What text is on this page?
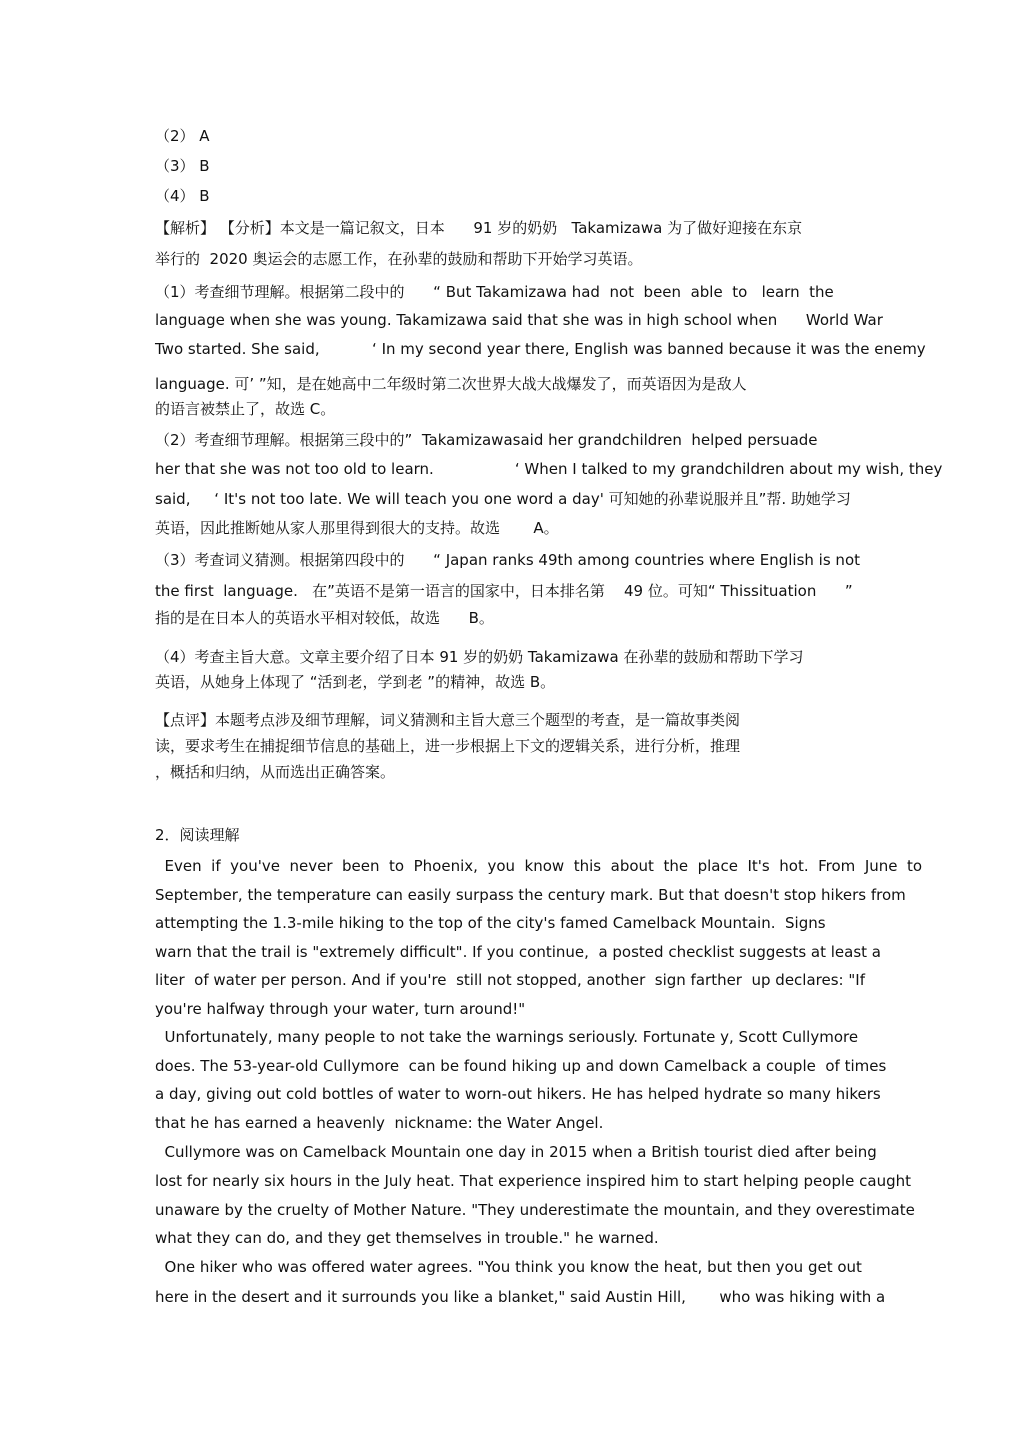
（2） A
（3） B
（4） B
【解析】 【分析】本文是一篇记叙文，日本      91 岁的奶奶   Takamizawa 为了做好迎接在东京
举行的  2020 奥运会的志愿工作，在孙辈的鼓励和帮助下开始学习英语。
（1）考查细节理解。根据第二段中的      “ But Takamizawa had  not  been  able  to   learn  the
language when she was young. Takamizawa said that she was in high school when      World War
Two started. She said,           ‘ In my second year there, English was banned because it was the enemy
language. 可’ ”知，是在她高中二年级时第二次世界大战大战爆发了，而英语因为是敌人
的语言被禁止了，故选 C。
（2）考查细节理解。根据第三段中的”  Takamizawasaid her grandchildren  helped persuade
her that she was not too old to learn.                 ‘ When I talked to my grandchildren about my wish, they
said,     ‘ It's not too late. We will teach you one word a day' 可知她的孙辈说服并且”帮. 助她学习
英语，因此推断她从家人那里得到很大的支持。故选       A。
（3）考查词义猜测。根据第四段中的      “ Japan ranks 49th among countries where English is not
the first  language.   在”英语不是第一语言的国家中，日本排名第    49 位。可知“ Thissituation      ”
指的是在日本人的英语水平相对较低，故选      B。
（4）考查主旨大意。文章主要介绍了日本 91 岁的奶奶 Takamizawa 在孙辈的鼓励和帮助下学习
英语，从她身上体现了 “活到老，学到老 ”的精神，故选 B。
【点评】本题考点涉及细节理解，词义猜测和主旨大意三个题型的考查，是一篇故事类阅
读，要求考生在捕捉细节信息的基础上，进一步根据上下文的逻辑关系，进行分析，推理
，概括和归纳，从而选出正确答案。
2．阅读理解
Even  if  you've  never  been  to  Phoenix,  you  know  this  about  the  place  It's  hot.  From  June  to
September, the temperature can easily surpass the century mark. But that doesn't stop hikers from
attempting the 1.3-mile hiking to the top of the city's famed Camelback Mountain.  Signs
warn that the trail is "extremely difficult". If you continue,  a posted checklist suggests at least a
liter  of water per person. And if you're  still not stopped, another  sign farther  up declares: "If
you're halfway through your water, turn around!"
Unfortunately, many people to not take the warnings seriously. Fortunate y, Scott Cullymore
does. The 53-year-old Cullymore  can be found hiking up and down Camelback a couple  of times
a day, giving out cold bottles of water to worn-out hikers. He has helped hydrate so many hikers
that he has earned a heavenly  nickname: the Water Angel.
Cullymore was on Camelback Mountain one day in 2015 when a British tourist died after being
lost for nearly six hours in the July heat. That experience inspired him to start helping people caught
unaware by the cruelty of Mother Nature. "They underestimate the mountain, and they overestimate
what they can do, and they get themselves in trouble." he warned.
One hiker who was offered water agrees. "You think you know the heat, but then you get out
here in the desert and it surrounds you like a blanket," said Austin Hill,       who was hiking with a
